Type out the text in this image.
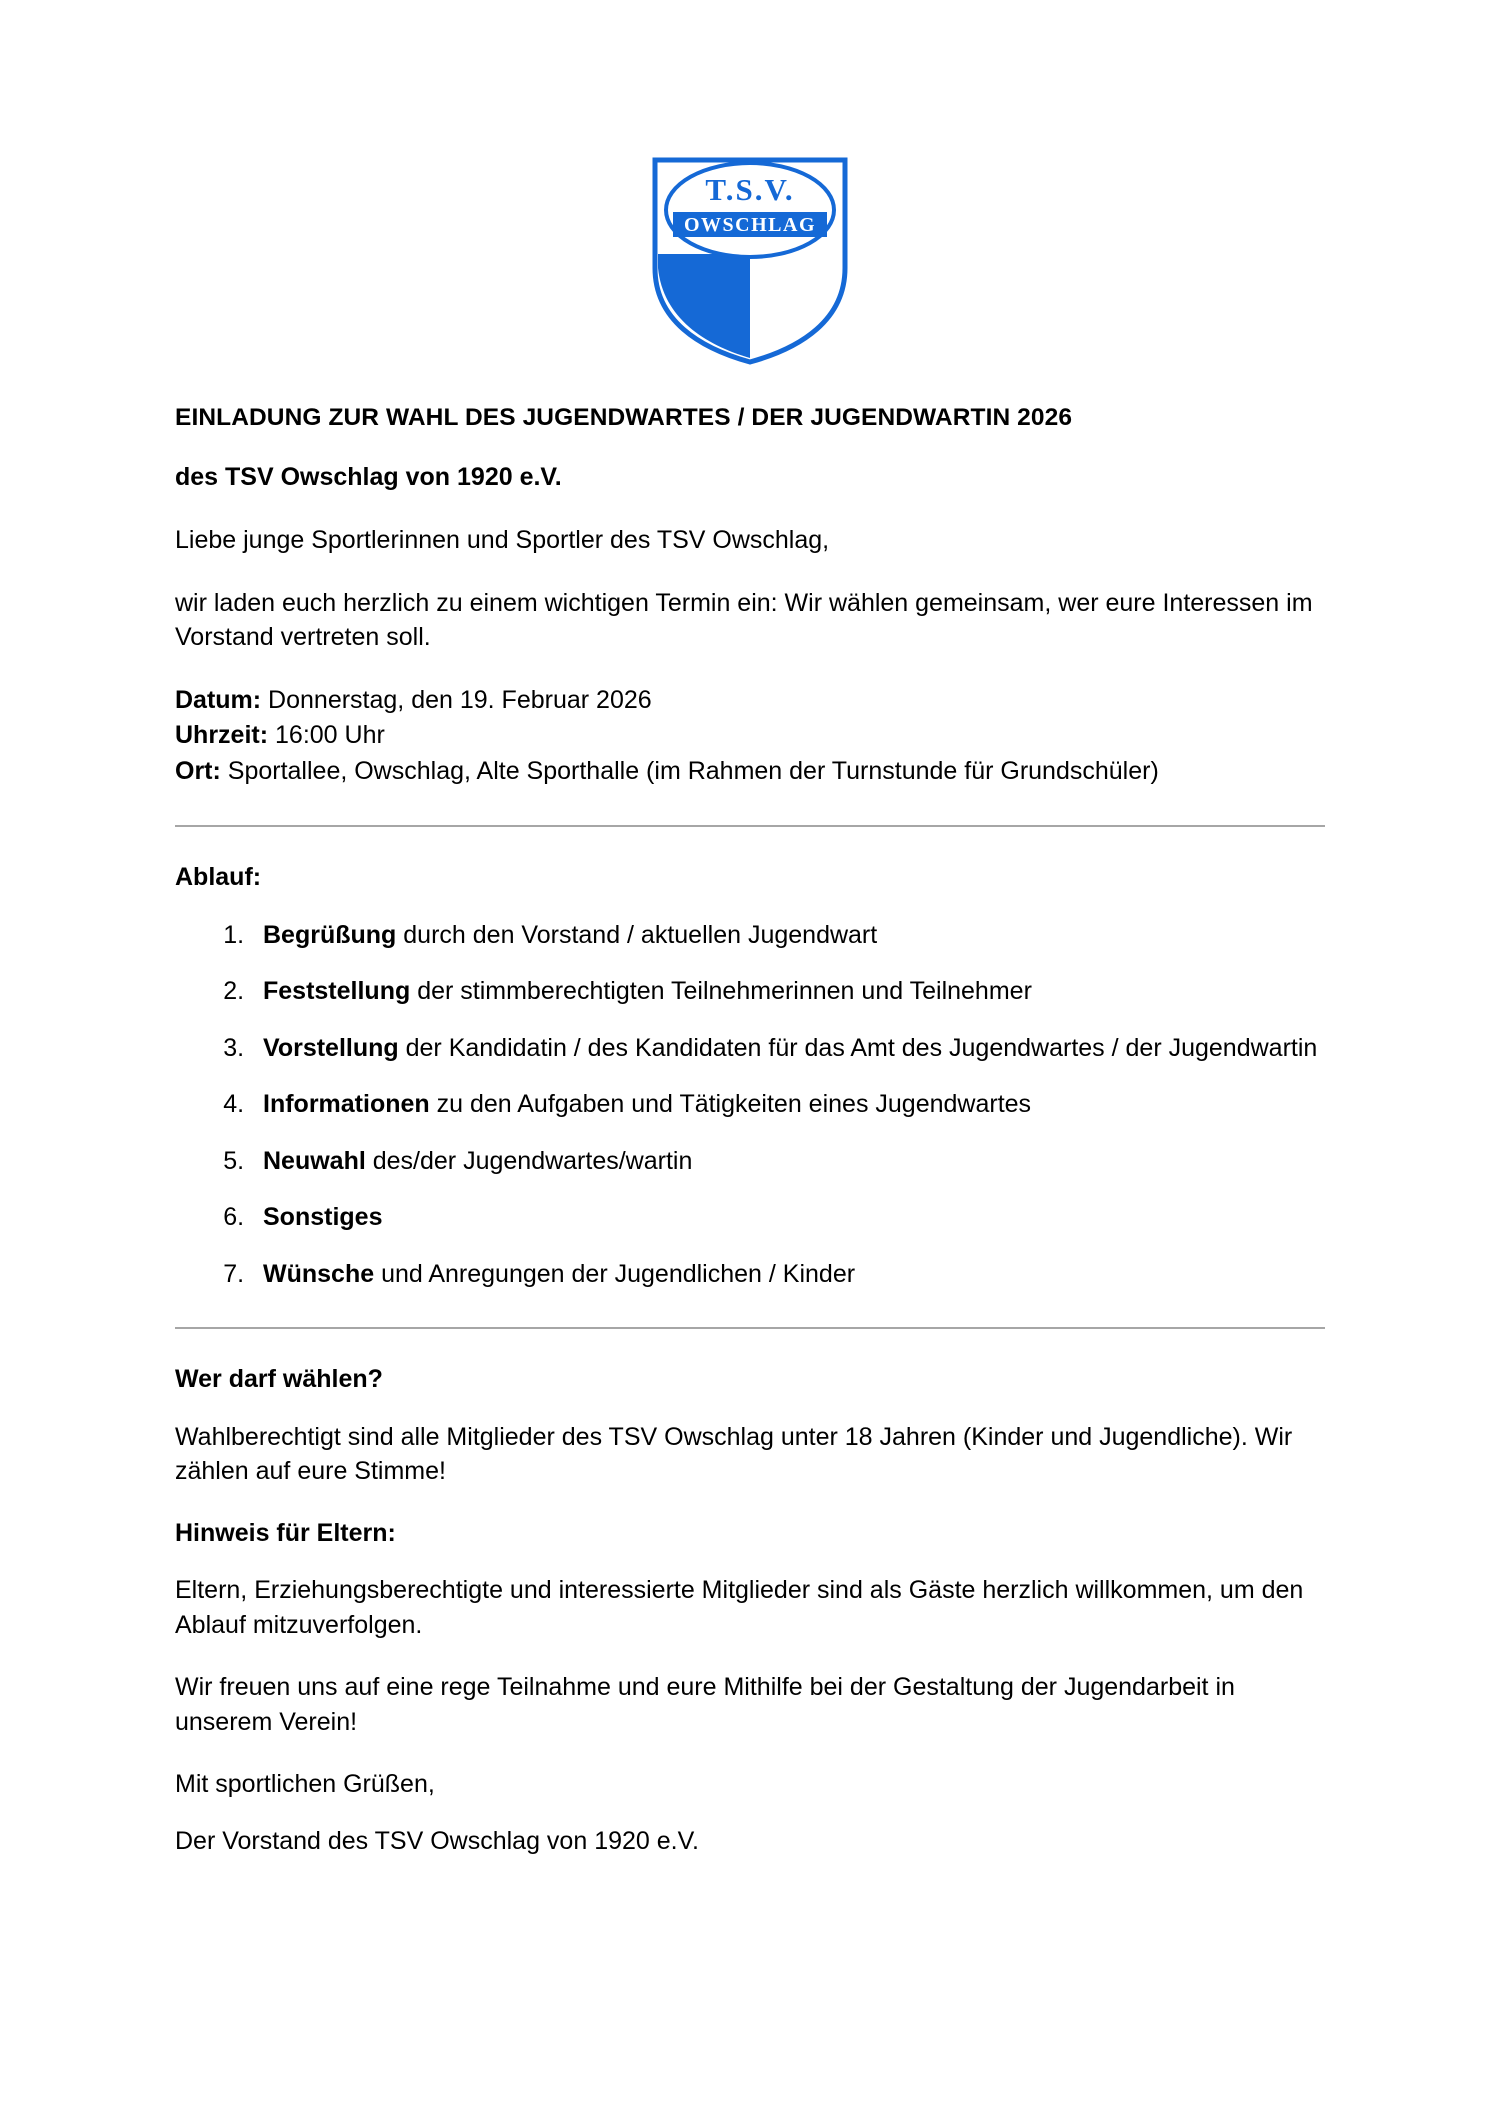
T.S.V.
OWSCHLAG
EINLADUNG ZUR WAHL DES JUGENDWARTES / DER JUGENDWARTIN 2026
des TSV Owschlag von 1920 e.V.

Liebe junge Sportlerinnen und Sportler des TSV Owschlag,

wir laden euch herzlich zu einem wichtigen Termin ein: Wir wählen gemeinsam, wer eure Interessen im Vorstand vertreten soll.

Datum: Donnerstag, den 19. Februar 2026
Uhrzeit: 16:00 Uhr
Ort: Sportallee, Owschlag, Alte Sporthalle (im Rahmen der Turnstunde für Grundschüler)
Ablauf:
1. Begrüßung durch den Vorstand / aktuellen Jugendwart
2. Feststellung der stimmberechtigten Teilnehmerinnen und Teilnehmer
3. Vorstellung der Kandidatin / des Kandidaten für das Amt des Jugendwartes / der Jugendwartin
4. Informationen zu den Aufgaben und Tätigkeiten eines Jugendwartes
5. Neuwahl des/der Jugendwartes/wartin
6. Sonstiges
7. Wünsche und Anregungen der Jugendlichen / Kinder
Wer darf wählen?

Wahlberechtigt sind alle Mitglieder des TSV Owschlag unter 18 Jahren (Kinder und Jugendliche). Wir zählen auf eure Stimme!

Hinweis für Eltern:

Eltern, Erziehungsberechtigte und interessierte Mitglieder sind als Gäste herzlich willkommen, um den Ablauf mitzuverfolgen.

Wir freuen uns auf eine rege Teilnahme und eure Mithilfe bei der Gestaltung der Jugendarbeit in unserem Verein!

Mit sportlichen Grüßen,

Der Vorstand des TSV Owschlag von 1920 e.V.
